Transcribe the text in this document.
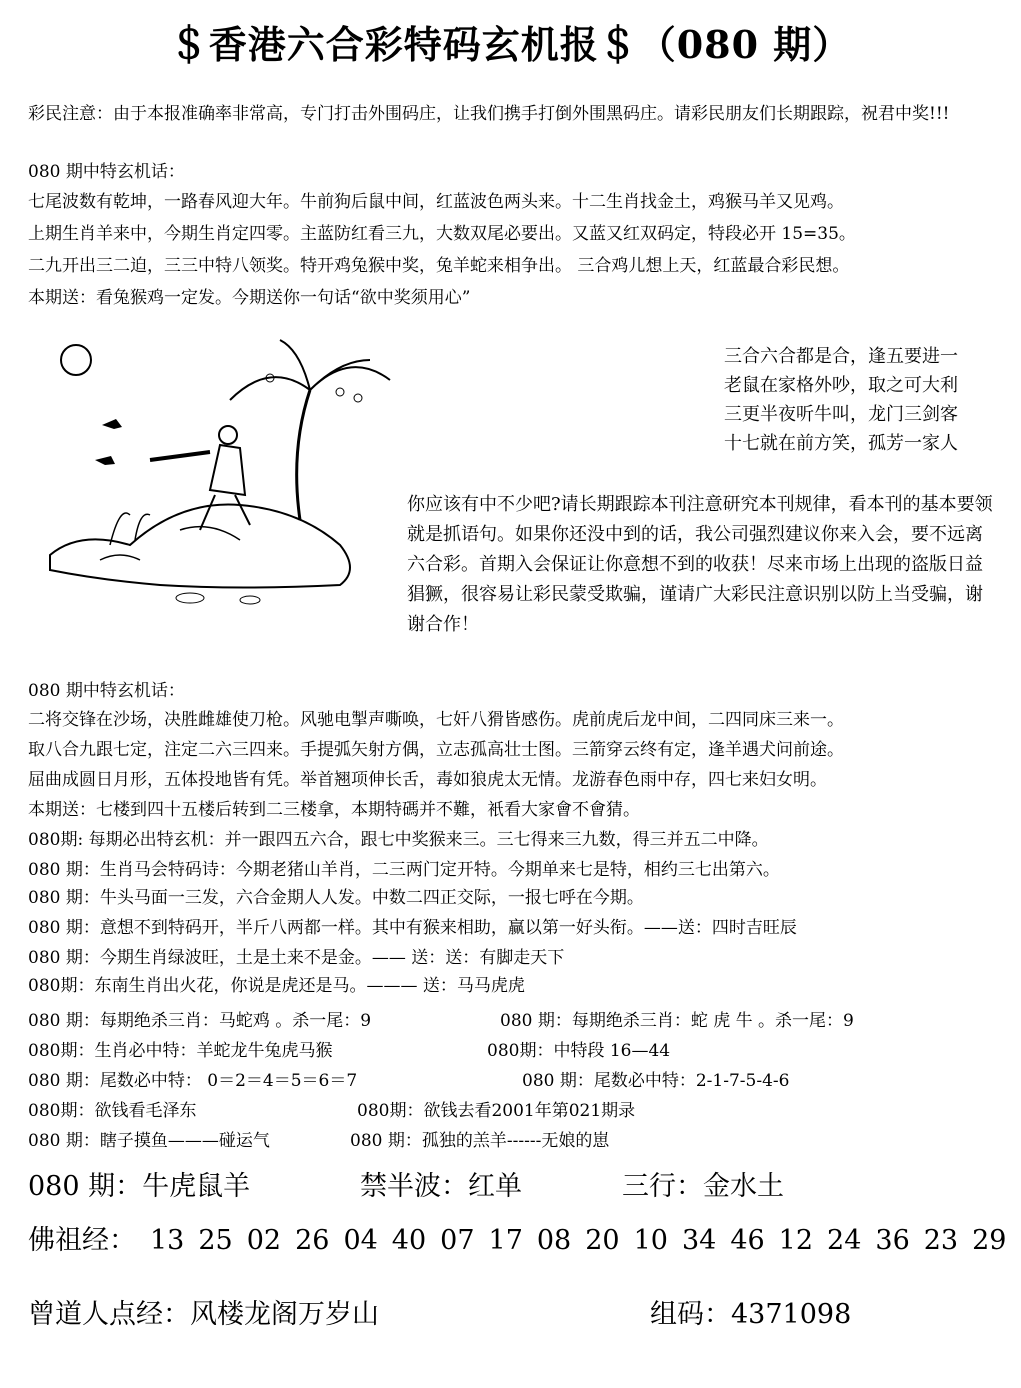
＄香港六合彩特码玄机报＄（080 期）
彩民注意：由于本报准确率非常高，专门打击外围码庄，让我们携手打倒外围黑码庄。请彩民朋友们长期跟踪，祝君中奖!!!
080 期中特玄机话：
七尾波数有乾坤，一路春风迎大年。牛前狗后鼠中间，红蓝波色两头来。十二生肖找金土，鸡猴马羊又见鸡。
上期生肖羊来中，今期生肖定四零。主蓝防红看三九，大数双尾必要出。又蓝又红双码定，特段必开 15=35。
二九开出三二迫，三三中特八领奖。特开鸡兔猴中奖，兔羊蛇来相争出。 三合鸡儿想上天，红蓝最合彩民想。
本期送：看兔猴鸡一定发。今期送你一句话“欲中奖须用心”
三合六合都是合，逢五要进一
老鼠在家格外吵，取之可大利
三更半夜听牛叫，龙门三剑客
十七就在前方笑，孤芳一家人
你应该有中不少吧?请长期跟踪本刊注意研究本刊规律，看本刊的基本要领就是抓语句。如果你还没中到的话，我公司强烈建议你来入会，要不远离六合彩。首期入会保证让你意想不到的收获！尽来市场上出现的盗版日益猖獗，很容易让彩民蒙受欺骗，谨请广大彩民注意识别以防上当受骗，谢谢合作！
080 期中特玄机话：
二将交锋在沙场，决胜雌雄使刀枪。风驰电掣声嘶唤，七奸八猾皆感伤。虎前虎后龙中间，二四同床三来一。
取八合九跟七定，注定二六三四来。手提弧矢射方偶，立志孤高壮士图。三箭穿云终有定，逢羊遇犬问前途。
屈曲成圆日月形，五体投地皆有凭。举首翘项伸长舌，毒如狼虎太无情。龙游春色雨中存，四七来妇女明。
本期送：七楼到四十五楼后转到二三楼拿，本期特碼并不難，衹看大家會不會猜。
080期: 每期必出特玄机：并一跟四五六合，跟七中奖猴来三。三七得来三九数，得三并五二中降。
080 期：生肖马会特码诗：今期老猪山羊肖，二三两门定开特。今期单来七是特，相约三七出第六。
080 期：牛头马面一三发，六合金期人人发。中数二四正交际，一报七呼在今期。
080 期：意想不到特码开，半斤八两都一样。其中有猴来相助，赢以第一好头衔。——送：四时吉旺辰
080 期：今期生肖绿波旺，土是土来不是金。—— 送：送：有脚走天下
080期：东南生肖出火花，你说是虎还是马。——— 送：马马虎虎
080 期：每期绝杀三肖：马蛇鸡 。杀一尾：9	080 期：每期绝杀三肖：蛇 虎 牛 。杀一尾：9
080期：生肖必中特：羊蛇龙牛兔虎马猴	080期：中特段 16—44
080 期：尾数必中特： 0＝2＝4＝5＝6＝7	080 期：尾数必中特：2-1-7-5-4-6
080期：欲钱看毛泽东	080期：欲钱去看2001年第021期录
080 期：瞎子摸鱼———碰运气	080 期：孤独的羔羊------无娘的崽
080 期：牛虎鼠羊	禁半波：红单	三行：金水土
佛祖经： 13 25 02 26 04 40 07 17 08 20 10 34 46 12 24 36 23 29
曾道人点经：风楼龙阁万岁山	组码：4371098
